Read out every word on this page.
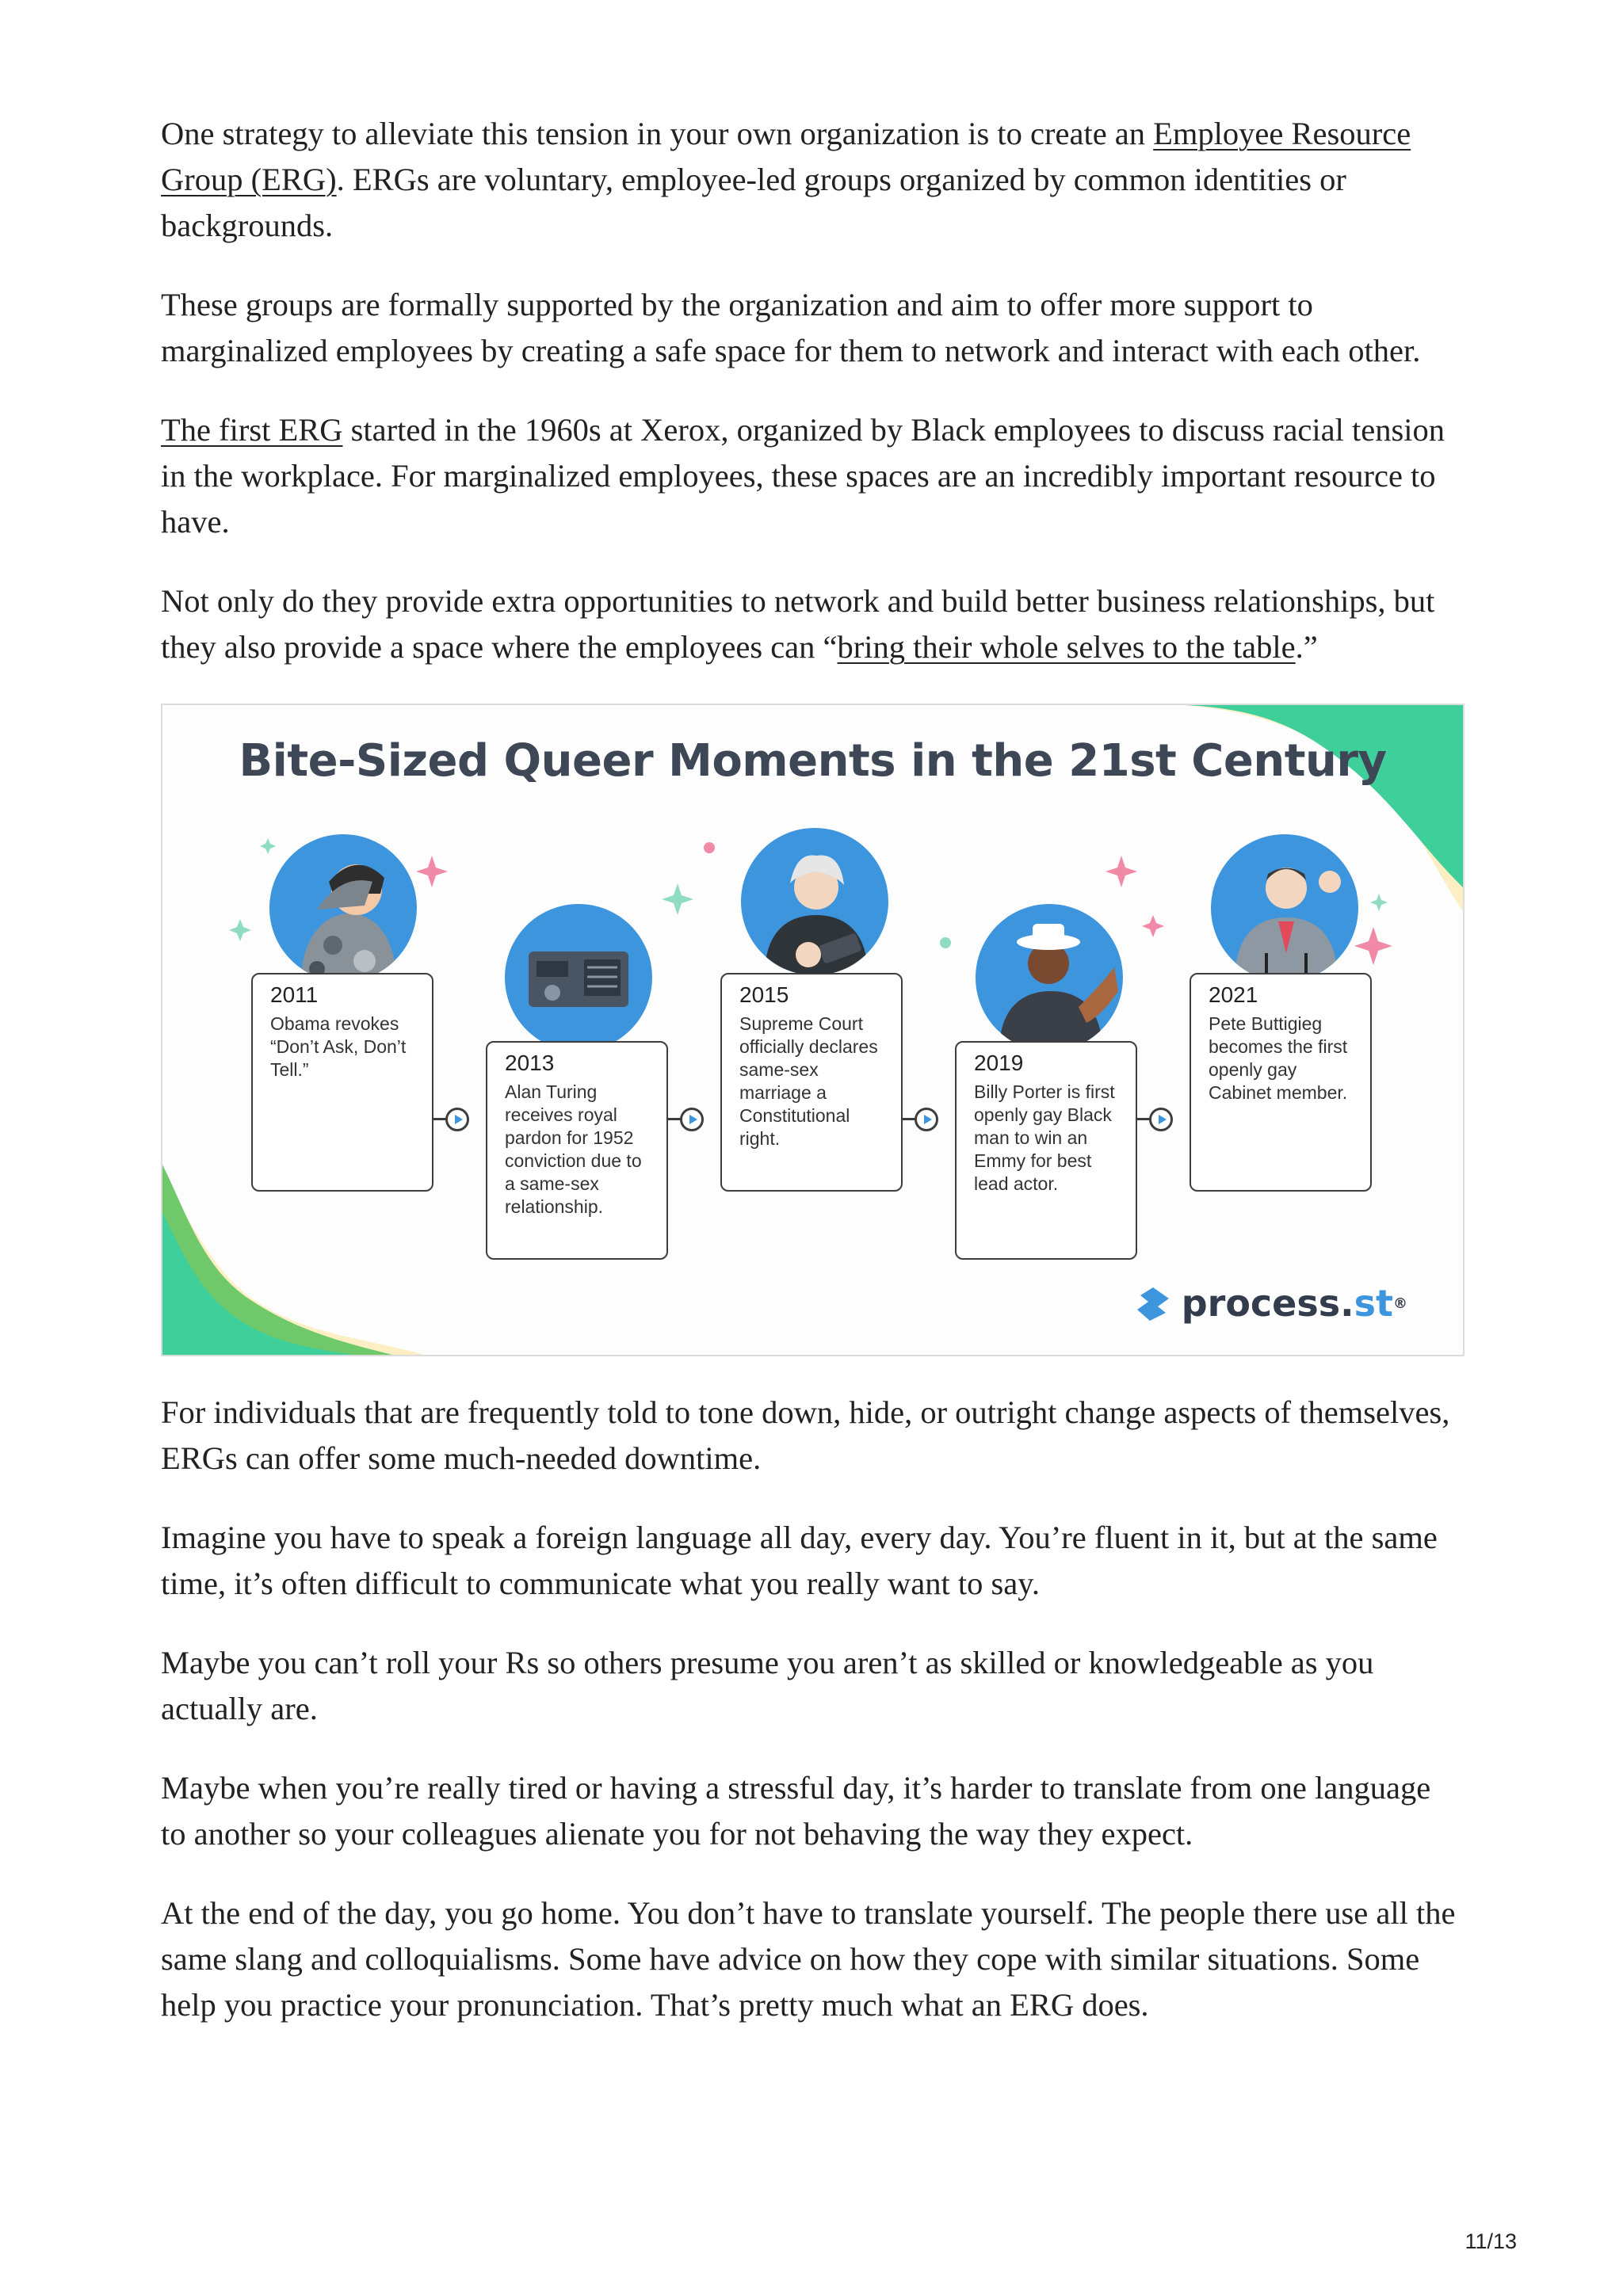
One strategy to alleviate this tension in your own organization is to create an Employee Resource Group (ERG). ERGs are voluntary, employee-led groups organized by common identities or backgrounds.

These groups are formally supported by the organization and aim to offer more support to marginalized employees by creating a safe space for them to network and interact with each other.

The first ERG started in the 1960s at Xerox, organized by Black employees to discuss racial tension in the workplace. For marginalized employees, these spaces are an incredibly important resource to have.

Not only do they provide extra opportunities to network and build better business relationships, but they also provide a space where the employees can “bring their whole selves to the table.”

Bite-Sized Queer Moments in the 21st Century
2011
Obama revokes “Don’t Ask, Don’t Tell.”	2013
Alan Turing receives royal pardon for 1952 conviction due to a same-sex relationship.
2015
Supreme Court officially declares same-sex marriage a Constitutional right.
2019
Billy Porter is first openly gay Black man to win an Emmy for best lead actor.
2021
Pete Buttigieg becomes the first openly gay Cabinet member.
process. st ®

For individuals that are frequently told to tone down, hide, or outright change aspects of themselves, ERGs can offer some much-needed downtime.

Imagine you have to speak a foreign language all day, every day. You’re fluent in it, but at the same time, it’s often difficult to communicate what you really want to say.

Maybe you can’t roll your Rs so others presume you aren’t as skilled or knowledgeable as you actually are.

Maybe when you’re really tired or having a stressful day, it’s harder to translate from one language to another so your colleagues alienate you for not behaving the way they expect.

At the end of the day, you go home. You don’t have to translate yourself. The people there use all the same slang and colloquialisms. Some have advice on how they cope with similar situations. Some help you practice your pronunciation. That’s pretty much what an ERG does.

11/13
